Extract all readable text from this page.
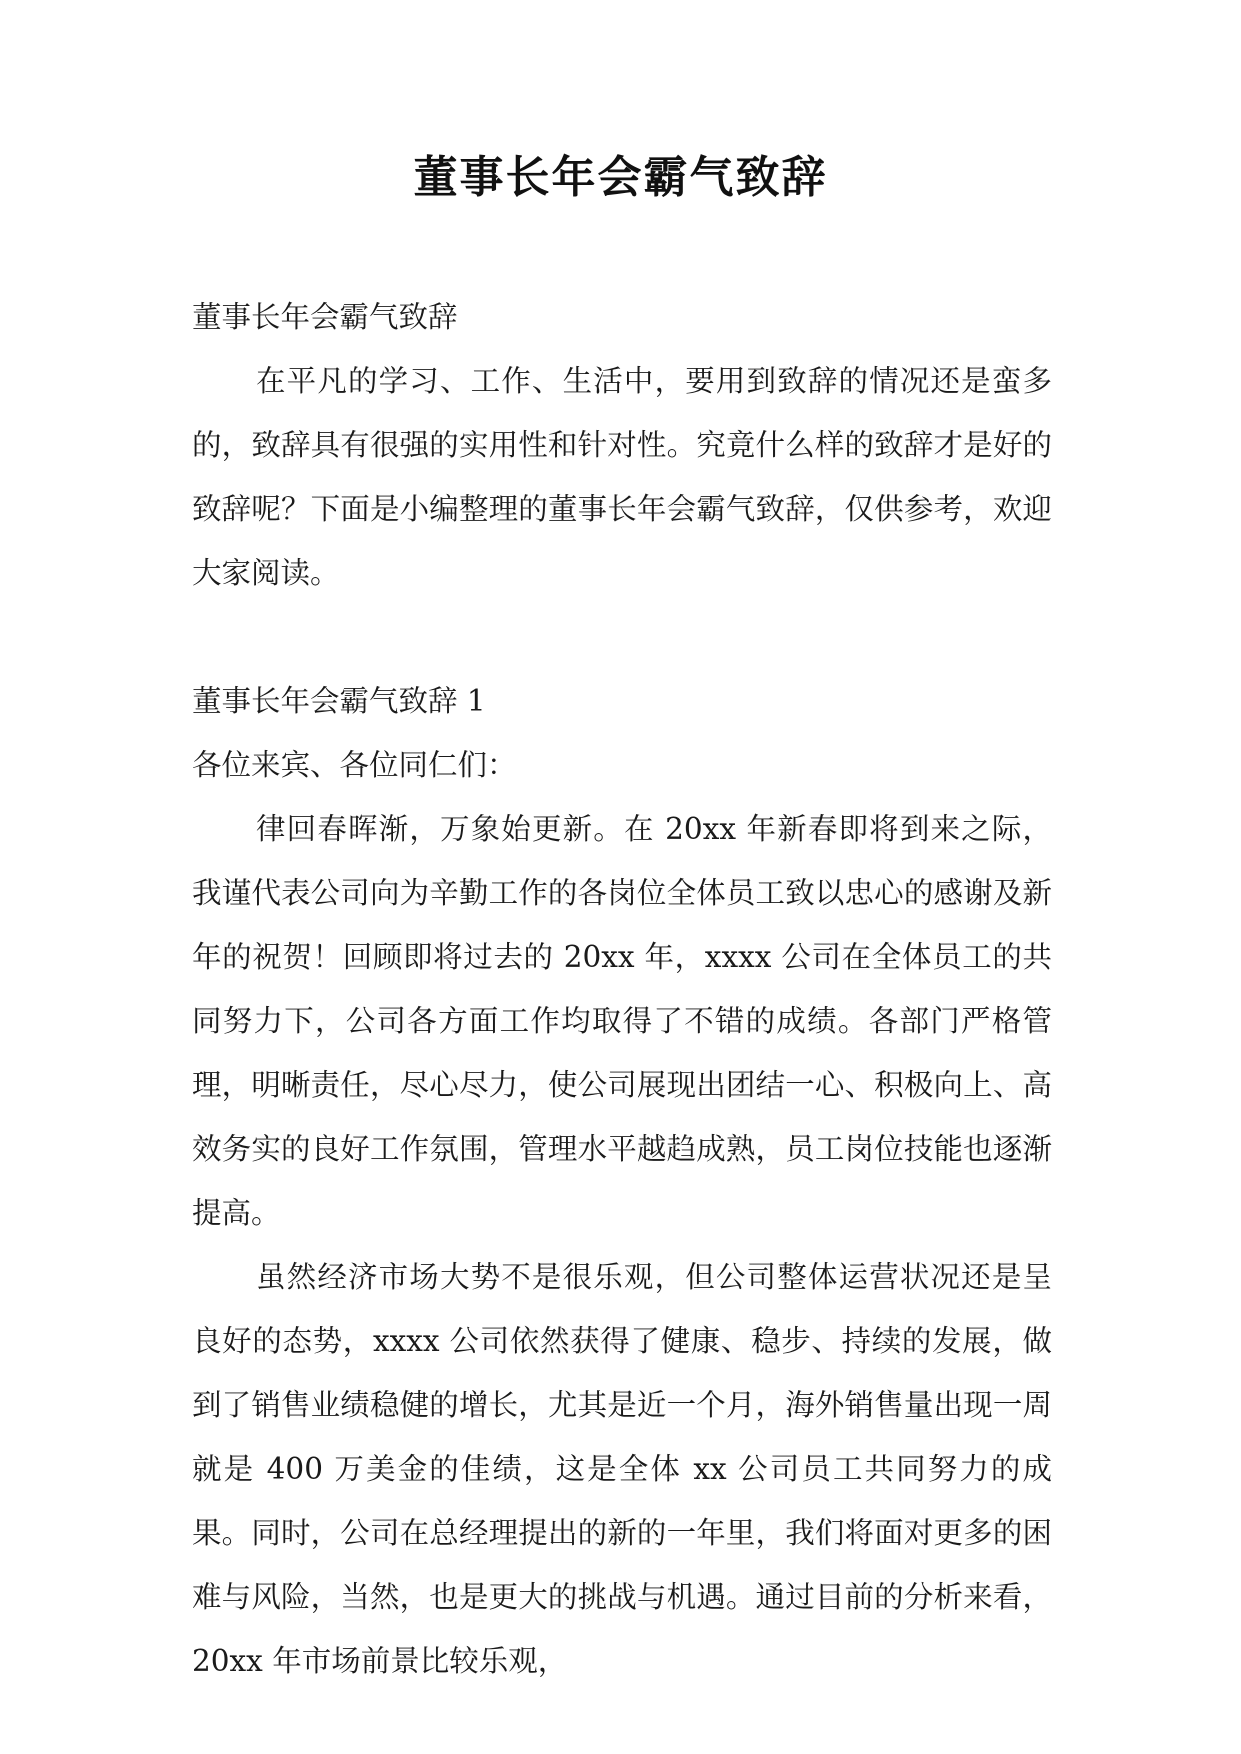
董事长年会霸气致辞

董事长年会霸气致辞

在平凡的学习、工作、生活中，要用到致辞的情况还是蛮多的，致辞具有很强的实用性和针对性。究竟什么样的致辞才是好的致辞呢？下面是小编整理的董事长年会霸气致辞，仅供参考，欢迎大家阅读。

董事长年会霸气致辞 1

各位来宾、各位同仁们：

律回春晖渐，万象始更新。在 20xx 年新春即将到来之际，我谨代表公司向为辛勤工作的各岗位全体员工致以忠心的感谢及新年的祝贺！回顾即将过去的 20xx 年，xxxx 公司在全体员工的共同努力下，公司各方面工作均取得了不错的成绩。各部门严格管理，明晰责任，尽心尽力，使公司展现出团结一心、积极向上、高效务实的良好工作氛围，管理水平越趋成熟，员工岗位技能也逐渐提高。

虽然经济市场大势不是很乐观，但公司整体运营状况还是呈良好的态势，xxxx 公司依然获得了健康、稳步、持续的发展，做到了销售业绩稳健的增长，尤其是近一个月，海外销售量出现一周就是 400 万美金的佳绩，这是全体 xx 公司员工共同努力的成果。同时，公司在总经理提出的新的一年里，我们将面对更多的困难与风险，当然，也是更大的挑战与机遇。通过目前的分析来看，20xx 年市场前景比较乐观，
